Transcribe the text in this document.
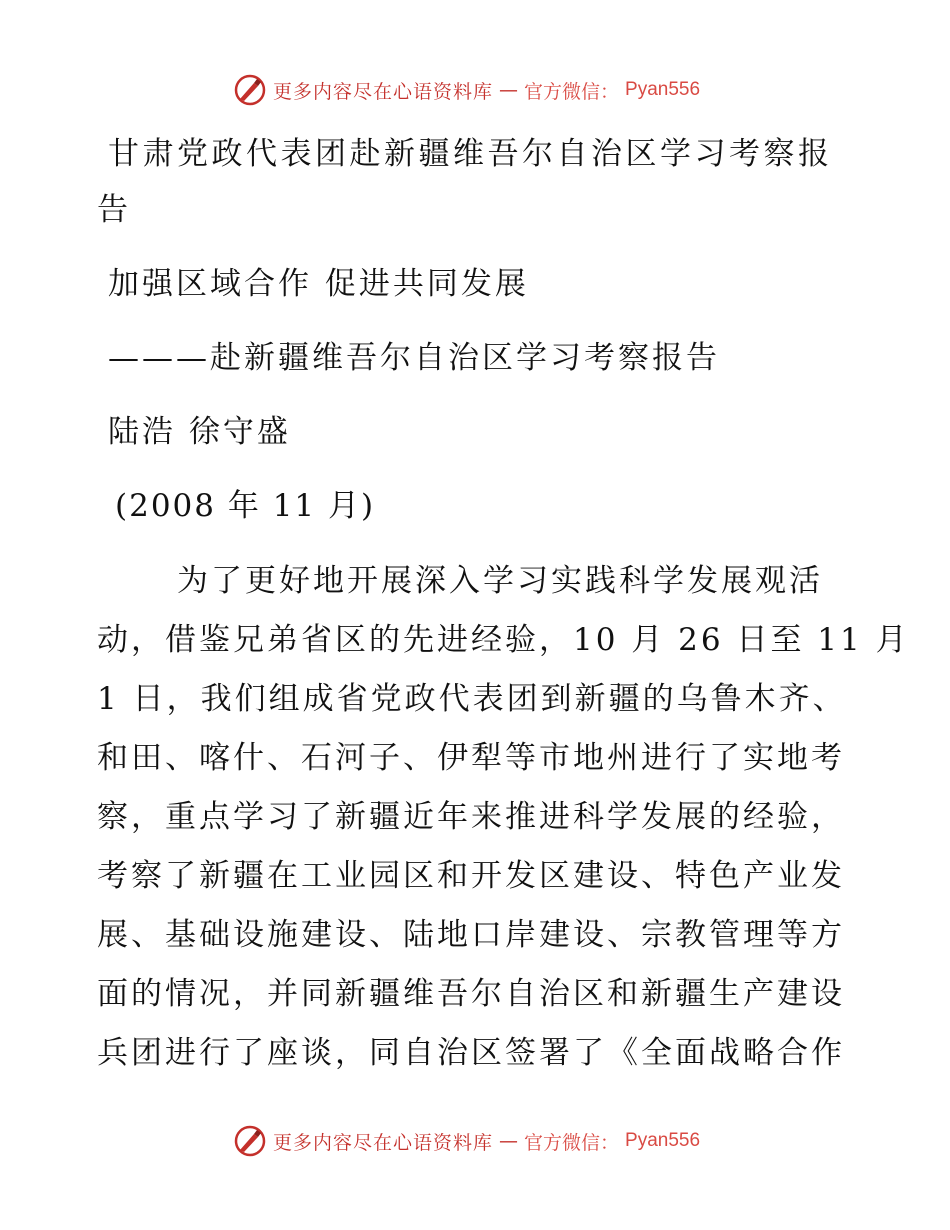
更多内容尽在心语资料库 — 官方微信： Pyan556
甘肃党政代表团赴新疆维吾尔自治区学习考察报
告
加强区域合作 促进共同发展
———赴新疆维吾尔自治区学习考察报告
陆浩 徐守盛
(2008 年 11 月)
为了更好地开展深入学习实践科学发展观活
动，借鉴兄弟省区的先进经验，10 月 26 日至 11 月
1 日，我们组成省党政代表团到新疆的乌鲁木齐、
和田、喀什、石河子、伊犁等市地州进行了实地考
察，重点学习了新疆近年来推进科学发展的经验，
考察了新疆在工业园区和开发区建设、特色产业发
展、基础设施建设、陆地口岸建设、宗教管理等方
面的情况，并同新疆维吾尔自治区和新疆生产建设
兵团进行了座谈，同自治区签署了《全面战略合作
更多内容尽在心语资料库 — 官方微信： Pyan556
